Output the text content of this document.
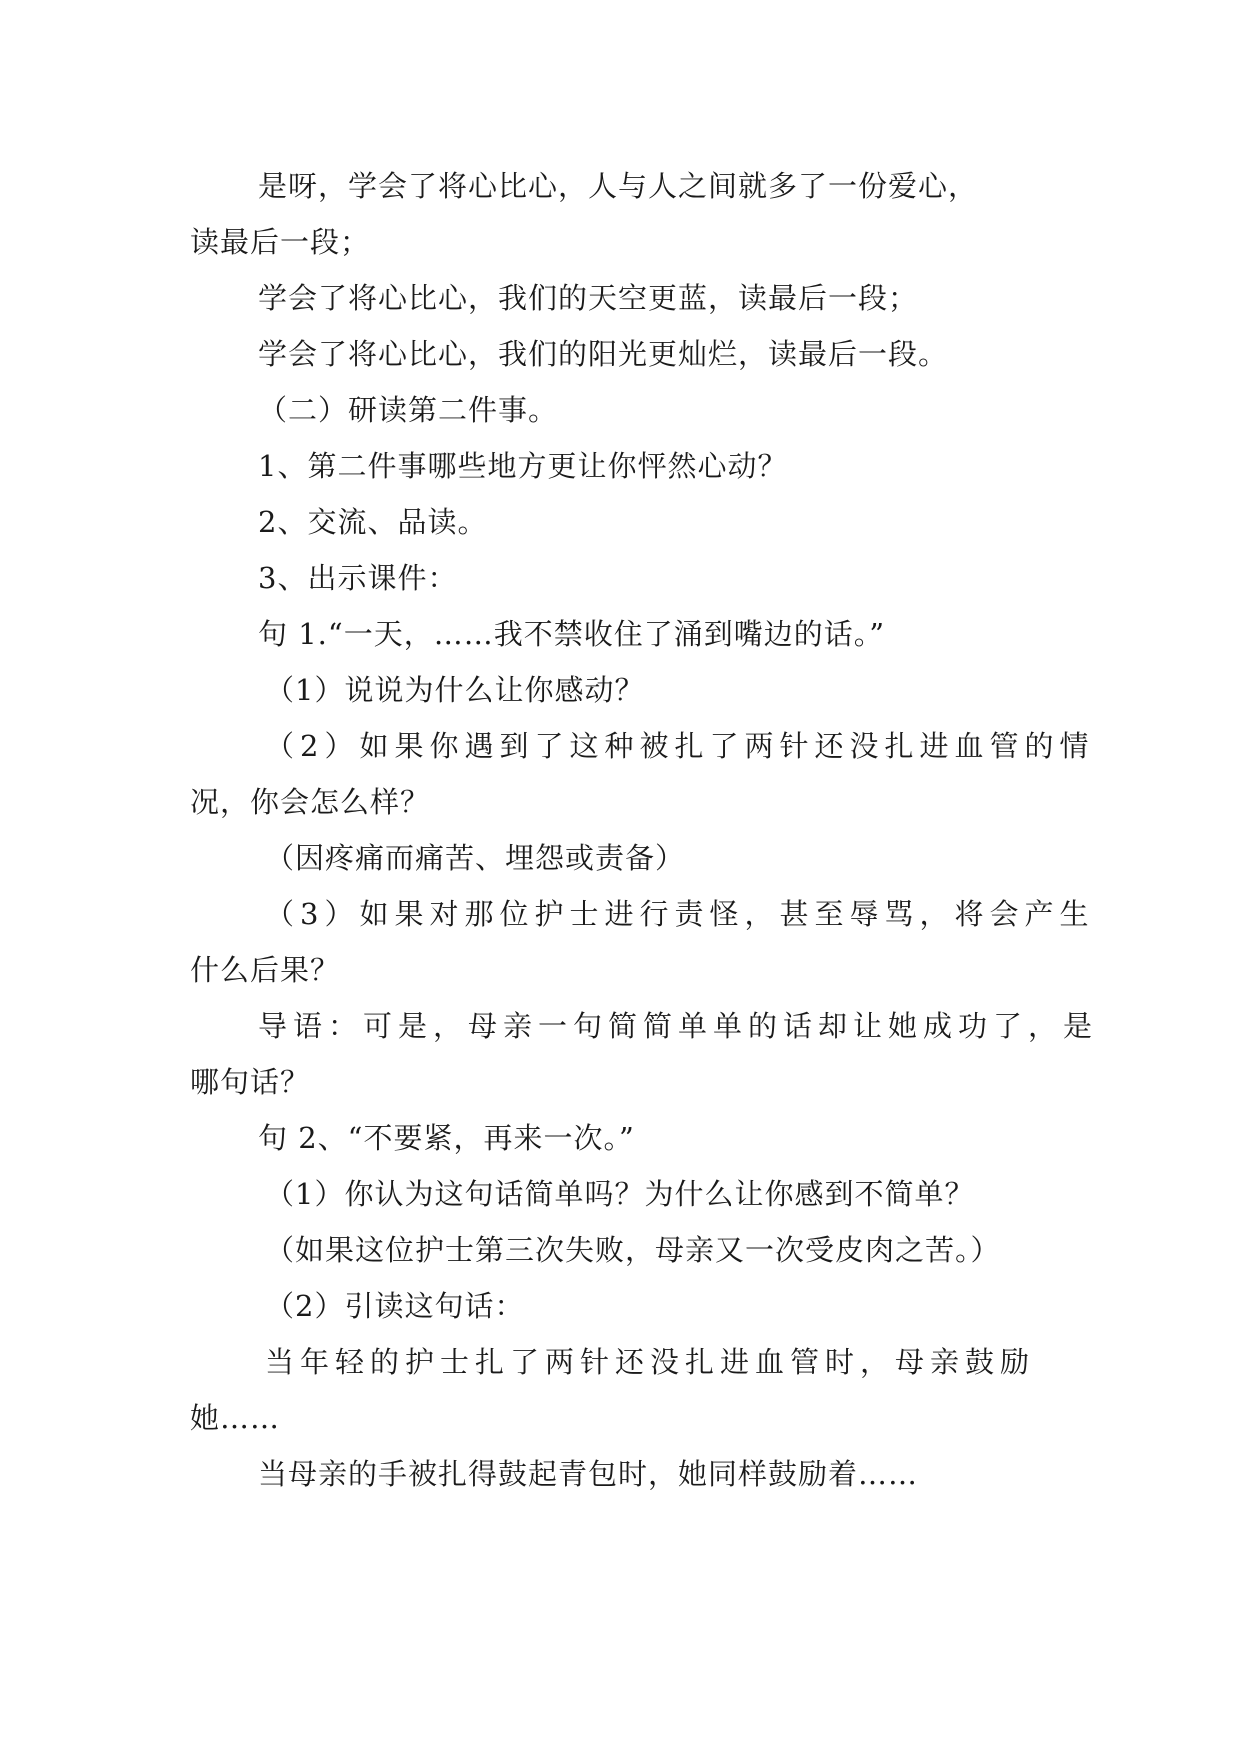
是呀，学会了将心比心，人与人之间就多了一份爱心，
读最后一段；
学会了将心比心，我们的天空更蓝，读最后一段；
学会了将心比心，我们的阳光更灿烂，读最后一段。
（二）研读第二件事。
1、第二件事哪些地方更让你怦然心动？
2、交流、品读。
3、出示课件：
句 1.“一天，……我不禁收住了涌到嘴边的话。”
（1）说说为什么让你感动？
（2）如果你遇到了这种被扎了两针还没扎进血管的情
况，你会怎么样？
（因疼痛而痛苦、埋怨或责备）
（3）如果对那位护士进行责怪，甚至辱骂，将会产生
什么后果？
导语：可是，母亲一句简简单单的话却让她成功了，是
哪句话？
句 2、“不要紧，再来一次。”
（1）你认为这句话简单吗？为什么让你感到不简单？
（如果这位护士第三次失败，母亲又一次受皮肉之苦。）
（2）引读这句话：
当年轻的护士扎了两针还没扎进血管时，母亲鼓励
她……
当母亲的手被扎得鼓起青包时，她同样鼓励着……
